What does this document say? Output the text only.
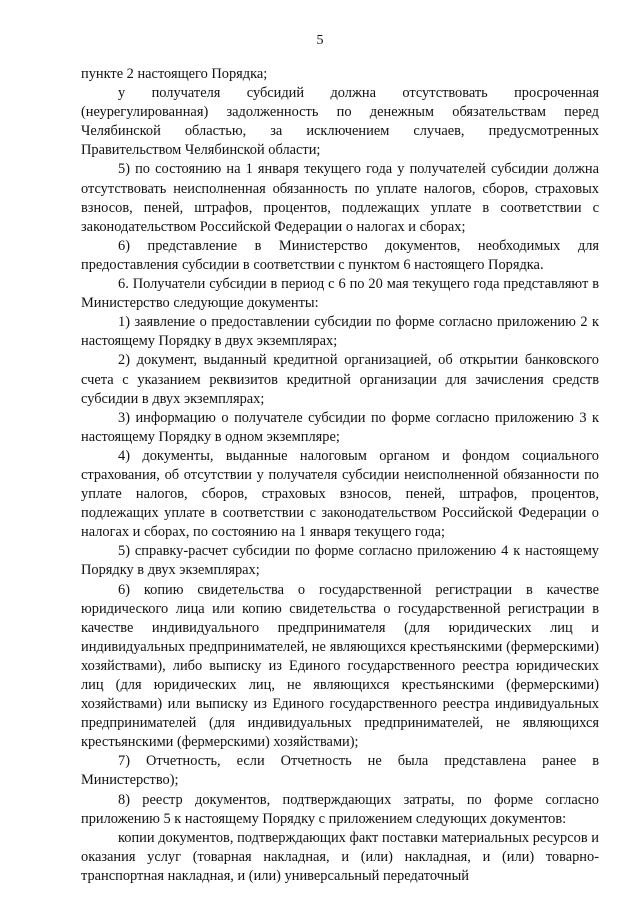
5

пункте 2 настоящего Порядка;

у получателя субсидий должна отсутствовать просроченная (неурегулированная) задолженность по денежным обязательствам перед Челябинской областью, за исключением случаев, предусмотренных Правительством Челябинской области;

5) по состоянию на 1 января текущего года у получателей субсидии должна отсутствовать неисполненная обязанность по уплате налогов, сборов, страховых взносов, пеней, штрафов, процентов, подлежащих уплате в соответствии с законодательством Российской Федерации о налогах и сборах;

6) представление в Министерство документов, необходимых для предоставления субсидии в соответствии с пунктом 6 настоящего Порядка.

6. Получатели субсидии в период с 6 по 20 мая текущего года представляют в Министерство следующие документы:

1) заявление о предоставлении субсидии по форме согласно приложению 2 к настоящему Порядку в двух экземплярах;

2) документ, выданный кредитной организацией, об открытии банковского счета с указанием реквизитов кредитной организации для зачисления средств субсидии в двух экземплярах;

3) информацию о получателе субсидии по форме согласно приложению 3 к настоящему Порядку в одном экземпляре;

4) документы, выданные налоговым органом и фондом социального страхования, об отсутствии у получателя субсидии неисполненной обязанности по уплате налогов, сборов, страховых взносов, пеней, штрафов, процентов, подлежащих уплате в соответствии с законодательством Российской Федерации о налогах и сборах, по состоянию на 1 января текущего года;

5) справку-расчет субсидии по форме согласно приложению 4 к настоящему Порядку в двух экземплярах;

6) копию свидетельства о государственной регистрации в качестве юридического лица или копию свидетельства о государственной регистрации в качестве индивидуального предпринимателя (для юридических лиц и индивидуальных предпринимателей, не являющихся крестьянскими (фермерскими) хозяйствами), либо выписку из Единого государственного реестра юридических лиц (для юридических лиц, не являющихся крестьянскими (фермерскими) хозяйствами) или выписку из Единого государственного реестра индивидуальных предпринимателей (для индивидуальных предпринимателей, не являющихся крестьянскими (фермерскими) хозяйствами);

7) Отчетность, если Отчетность не была представлена ранее в Министерство);

8) реестр документов, подтверждающих затраты, по форме согласно приложению 5 к настоящему Порядку с приложением следующих документов:

копии документов, подтверждающих факт поставки материальных ресурсов и оказания услуг (товарная накладная, и (или) накладная, и (или) товарно-транспортная накладная, и (или) универсальный передаточный
